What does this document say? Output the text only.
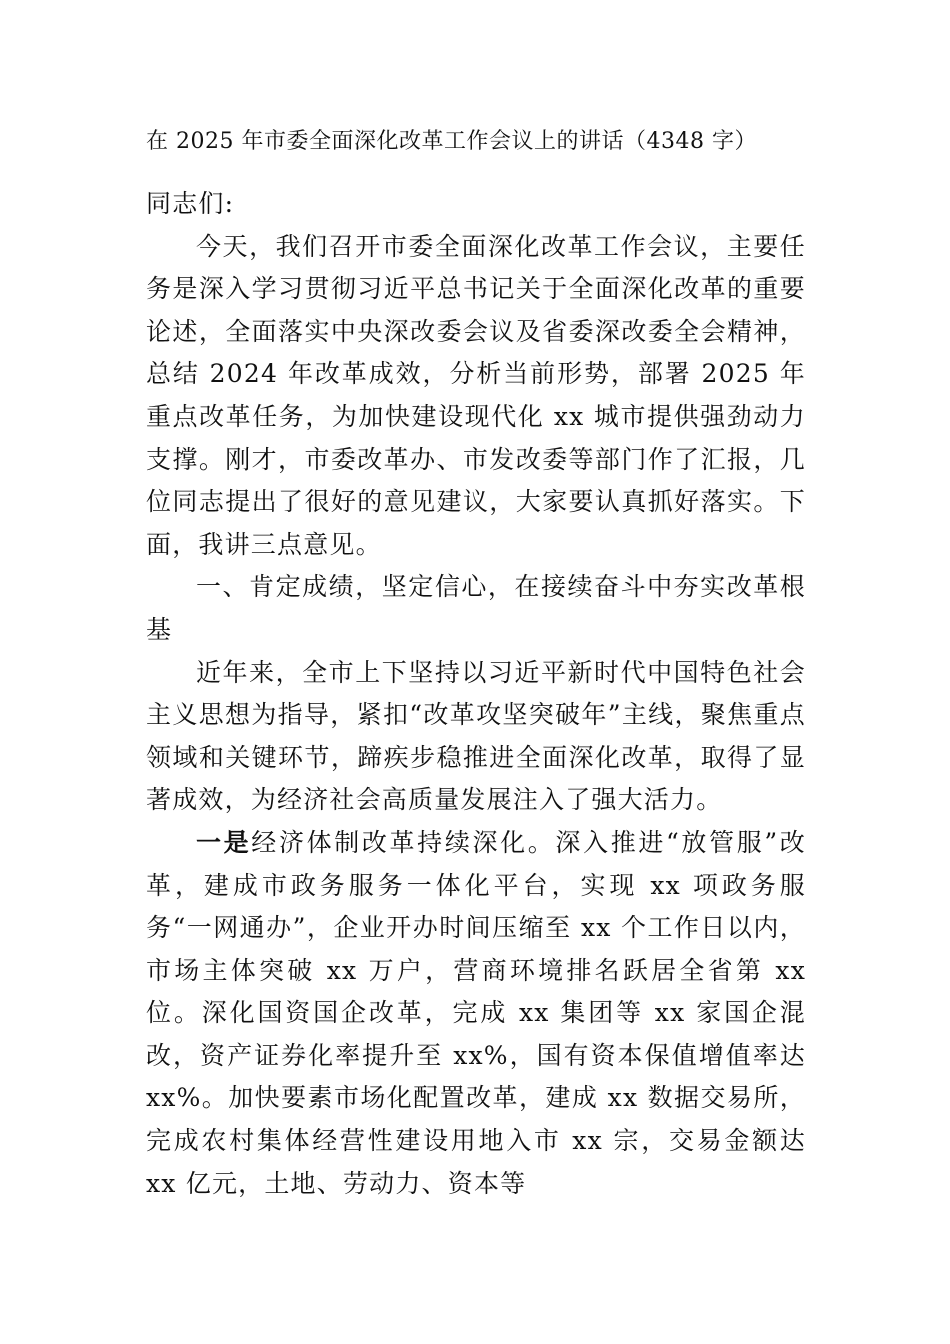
在 2025 年市委全面深化改革工作会议上的讲话（4348 字）

同志们:

今天，我们召开市委全面深化改革工作会议，主要任务是深入学习贯彻习近平总书记关于全面深化改革的重要论述，全面落实中央深改委会议及省委深改委全会精神，总结 2024 年改革成效，分析当前形势，部署 2025 年重点改革任务，为加快建设现代化 xx 城市提供强劲动力支撑。刚才，市委改革办、市发改委等部门作了汇报，几位同志提出了很好的意见建议，大家要认真抓好落实。下面，我讲三点意见。

一、肯定成绩，坚定信心，在接续奋斗中夯实改革根基

近年来，全市上下坚持以习近平新时代中国特色社会主义思想为指导，紧扣“改革攻坚突破年”主线，聚焦重点领域和关键环节，蹄疾步稳推进全面深化改革，取得了显著成效，为经济社会高质量发展注入了强大活力。

一是经济体制改革持续深化。深入推进“放管服”改革，建成市政务服务一体化平台，实现 xx 项政务服务“一网通办”，企业开办时间压缩至 xx 个工作日以内，市场主体突破 xx 万户，营商环境排名跃居全省第 xx 位。深化国资国企改革，完成 xx 集团等 xx 家国企混改，资产证券化率提升至 xx%，国有资本保值增值率达 xx%。加快要素市场化配置改革，建成 xx 数据交易所，完成农村集体经营性建设用地入市 xx 宗，交易金额达 xx 亿元，土地、劳动力、资本等
